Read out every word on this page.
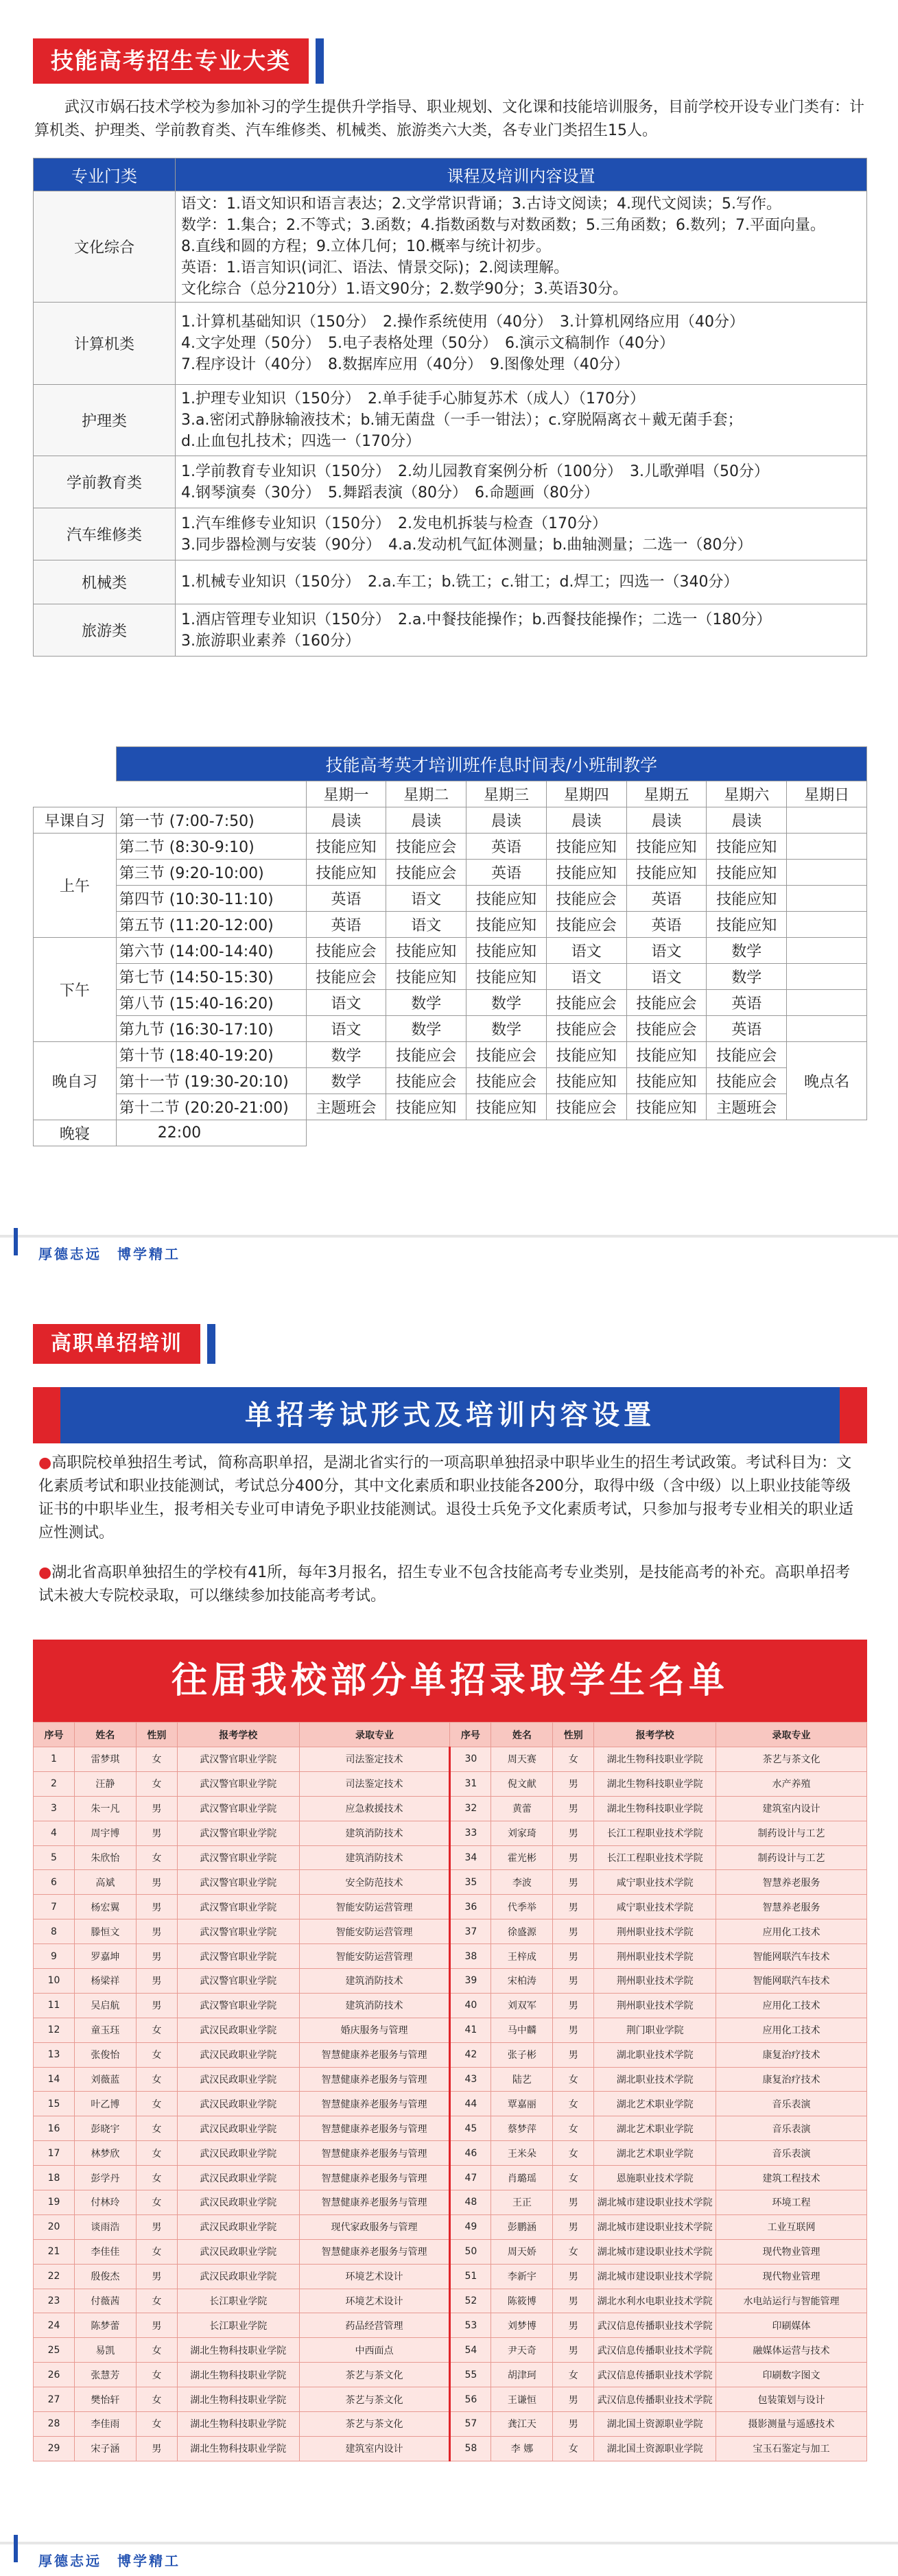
技能高考招生专业大类
武汉市娲石技术学校为参加补习的学生提供升学指导、职业规划、文化课和技能培训服务，目前学校开设专业门类有：计算机类、护理类、学前教育类、汽车维修类、机械类、旅游类六大类，各专业门类招生15人。
专业门类	课程及培训内容设置
文化综合	语文：1.语文知识和语言表达；2.文学常识背诵；3.古诗文阅读；4.现代文阅读；5.写作。
数学：1.集合；2.不等式；3.函数；4.指数函数与对数函数；5.三角函数；6.数列；7.平面向量。
8.直线和圆的方程；9.立体几何；10.概率与统计初步。
英语：1.语言知识(词汇、语法、情景交际)；2.阅读理解。
文化综合（总分210分）1.语文90分；2.数学90分；3.英语30分。

计算机类	1.计算机基础知识（150分）　2.操作系统使用（40分）　3.计算机网络应用（40分）
4.文字处理（50分）　5.电子表格处理（50分）　6.演示文稿制作（40分）
7.程序设计（40分）　8.数据库应用（40分）　9.图像处理（40分）

护理类	1.护理专业知识（150分）　2.单手徒手心肺复苏术（成人）（170分）
3.a.密闭式静脉输液技术；b.铺无菌盘（一手一钳法）；c.穿脱隔离衣＋戴无菌手套；
d.止血包扎技术；四选一（170分）

学前教育类	1.学前教育专业知识（150分）　2.幼儿园教育案例分析（100分）　3.儿歌弹唱（50分）
4.钢琴演奏（30分）　5.舞蹈表演（80分）　6.命题画（80分）

汽车维修类	1.汽车维修专业知识（150分）　2.发电机拆装与检查（170分）
3.同步器检测与安装（90分）　4.a.发动机气缸体测量；b.曲轴测量；二选一（80分）

机械类	1.机械专业知识（150分）　2.a.车工；b.铣工；c.钳工；d.焊工；四选一（340分）

旅游类	1.酒店管理专业知识（150分）　2.a.中餐技能操作；b.西餐技能操作；二选一（180分）
3.旅游职业素养（160分）
	技能高考英才培训班作息时间表/小班制教学							
		星期一	星期二	星期三	星期四	星期五	星期六	星期日
早课自习	第一节 (7:00-7:50)	晨读	晨读	晨读	晨读	晨读	晨读	
上午	第二节 (8:30-9:10)	技能应知	技能应会	英语	技能应知	技能应知	技能应知	
	第三节 (9:20-10:00)	技能应知	技能应会	英语	技能应知	技能应知	技能应知	
	第四节 (10:30-11:10)	英语	语文	技能应知	技能应会	英语	技能应知	
	第五节 (11:20-12:00)	英语	语文	技能应知	技能应会	英语	技能应知	
下午	第六节 (14:00-14:40)	技能应会	技能应知	技能应知	语文	语文	数学	
	第七节 (14:50-15:30)	技能应会	技能应知	技能应知	语文	语文	数学	
	第八节 (15:40-16:20)	语文	数学	数学	技能应会	技能应会	英语	
	第九节 (16:30-17:10)	语文	数学	数学	技能应会	技能应会	英语	
晚自习	第十节 (18:40-19:20)	数学	技能应会	技能应会	技能应知	技能应知	技能应会	晚点名
	第十一节 (19:30-20:10)	数学	技能应会	技能应会	技能应知	技能应知	技能应会	
	第十二节 (20:20-21:00)	主题班会	技能应知	技能应知	技能应会	技能应知	主题班会	
晚寝	22:00							
厚德志远　博学精工
高职单招培训
单招考试形式及培训内容设置
●高职院校单独招生考试，简称高职单招，是湖北省实行的一项高职单独招录中职毕业生的招生考试政策。考试科目为：文化素质考试和职业技能测试，考试总分400分，其中文化素质和职业技能各200分，取得中级（含中级）以上职业技能等级证书的中职毕业生，报考相关专业可申请免予职业技能测试。退役士兵免予文化素质考试，只参加与报考专业相关的职业适应性测试。
●湖北省高职单独招生的学校有41所，每年3月报名，招生专业不包含技能高考专业类别，是技能高考的补充。高职单招考试未被大专院校录取，可以继续参加技能高考考试。
往届我校部分单招录取学生名单
序号	姓名	性别	报考学校	录取专业	序号	姓名	性别	报考学校	录取专业
1	雷梦琪	女	武汉警官职业学院	司法鉴定技术	30	周天赛	女	湖北生物科技职业学院	茶艺与茶文化
2	汪静	女	武汉警官职业学院	司法鉴定技术	31	倪文献	男	湖北生物科技职业学院	水产养殖
3	朱一凡	男	武汉警官职业学院	应急救援技术	32	黄蕾	男	湖北生物科技职业学院	建筑室内设计
4	周宇博	男	武汉警官职业学院	建筑消防技术	33	刘家琦	男	长江工程职业技术学院	制药设计与工艺
5	朱欣怡	女	武汉警官职业学院	建筑消防技术	34	霍光彬	男	长江工程职业技术学院	制药设计与工艺
6	高斌	男	武汉警官职业学院	安全防范技术	35	李波	男	咸宁职业技术学院	智慧养老服务
7	杨宏翼	男	武汉警官职业学院	智能安防运营管理	36	代季举	男	咸宁职业技术学院	智慧养老服务
8	滕恒文	男	武汉警官职业学院	智能安防运营管理	37	徐盛源	男	荆州职业技术学院	应用化工技术
9	罗嘉坤	男	武汉警官职业学院	智能安防运营管理	38	王梓成	男	荆州职业技术学院	智能网联汽车技术
10	杨梁祥	男	武汉警官职业学院	建筑消防技术	39	宋柏涛	男	荆州职业技术学院	智能网联汽车技术
11	吴启航	男	武汉警官职业学院	建筑消防技术	40	刘双军	男	荆州职业技术学院	应用化工技术
12	童玉珏	女	武汉民政职业学院	婚庆服务与管理	41	马中麟	男	荆门职业学院	应用化工技术
13	张俊怡	女	武汉民政职业学院	智慧健康养老服务与管理	42	张子彬	男	湖北职业技术学院	康复治疗技术
14	刘薇蓝	女	武汉民政职业学院	智慧健康养老服务与管理	43	陆艺	女	湖北职业技术学院	康复治疗技术
15	叶乙博	女	武汉民政职业学院	智慧健康养老服务与管理	44	覃嘉丽	女	湖北艺术职业学院	音乐表演
16	彭晓宇	女	武汉民政职业学院	智慧健康养老服务与管理	45	蔡梦萍	女	湖北艺术职业学院	音乐表演
17	林梦欣	女	武汉民政职业学院	智慧健康养老服务与管理	46	王米朵	女	湖北艺术职业学院	音乐表演
18	彭学丹	女	武汉民政职业学院	智慧健康养老服务与管理	47	肖璐瑶	女	恩施职业技术学院	建筑工程技术
19	付林玲	女	武汉民政职业学院	智慧健康养老服务与管理	48	王正	男	湖北城市建设职业技术学院	环境工程
20	谈雨浩	男	武汉民政职业学院	现代家政服务与管理	49	彭鹏涵	男	湖北城市建设职业技术学院	工业互联网
21	李佳佳	女	武汉民政职业学院	智慧健康养老服务与管理	50	周天娇	女	湖北城市建设职业技术学院	现代物业管理
22	殷俊杰	男	武汉民政职业学院	环境艺术设计	51	李新宇	男	湖北城市建设职业技术学院	现代物业管理
23	付薇茜	女	长江职业学院	环境艺术设计	52	陈筱博	男	湖北水利水电职业技术学院	水电站运行与智能管理
24	陈梦蕾	男	长江职业学院	药品经营管理	53	刘梦博	男	武汉信息传播职业技术学院	印刷媒体
25	易凯	女	湖北生物科技职业学院	中西面点	54	尹天奇	男	武汉信息传播职业技术学院	融媒体运营与技术
26	张慧芳	女	湖北生物科技职业学院	茶艺与茶文化	55	胡津珂	女	武汉信息传播职业技术学院	印刷数字图文
27	樊怡轩	女	湖北生物科技职业学院	茶艺与茶文化	56	王谦恒	男	武汉信息传播职业技术学院	包装策划与设计
28	李佳雨	女	湖北生物科技职业学院	茶艺与茶文化	57	龚江天	男	湖北国土资源职业学院	摄影测量与遥感技术
29	宋子涵	男	湖北生物科技职业学院	建筑室内设计	58	李 娜	女	湖北国土资源职业学院	宝玉石鉴定与加工
厚德志远　博学精工
